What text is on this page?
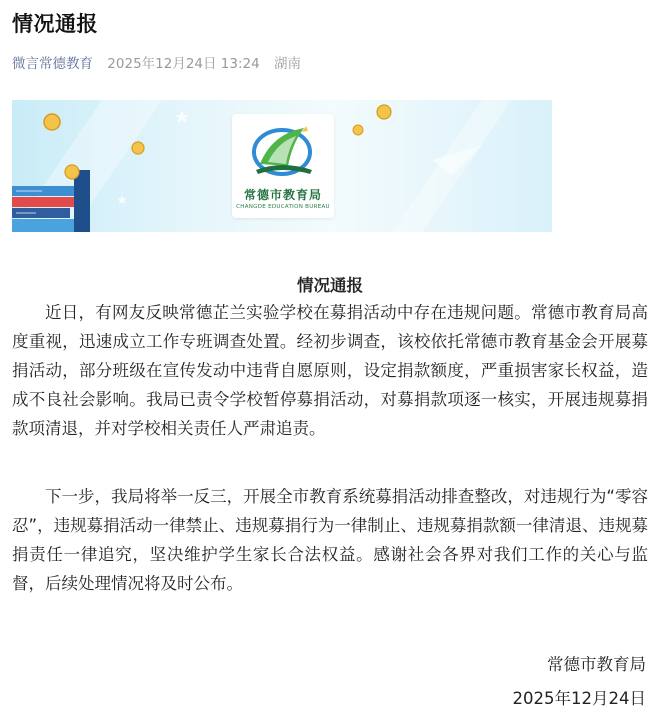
情况通报
微言常德教育 2025年12月24日 13:24 湖南
常德市教育局
CHANGDE EDUCATION BUREAU
情况通报

近日，有网友反映常德芷兰实验学校在募捐活动中存在违规问题。常德市教育局高度重视，迅速成立工作专班调查处置。经初步调查，该校依托常德市教育基金会开展募捐活动，部分班级在宣传发动中违背自愿原则，设定捐款额度，严重损害家长权益，造成不良社会影响。我局已责令学校暂停募捐活动，对募捐款项逐一核实，开展违规募捐款项清退，并对学校相关责任人严肃追责。

下一步，我局将举一反三，开展全市教育系统募捐活动排查整改，对违规行为“零容忍”，违规募捐活动一律禁止、违规募捐行为一律制止、违规募捐款额一律清退、违规募捐责任一律追究，坚决维护学生家长合法权益。感谢社会各界对我们工作的关心与监督，后续处理情况将及时公布。

常德市教育局
2025年12月24日
